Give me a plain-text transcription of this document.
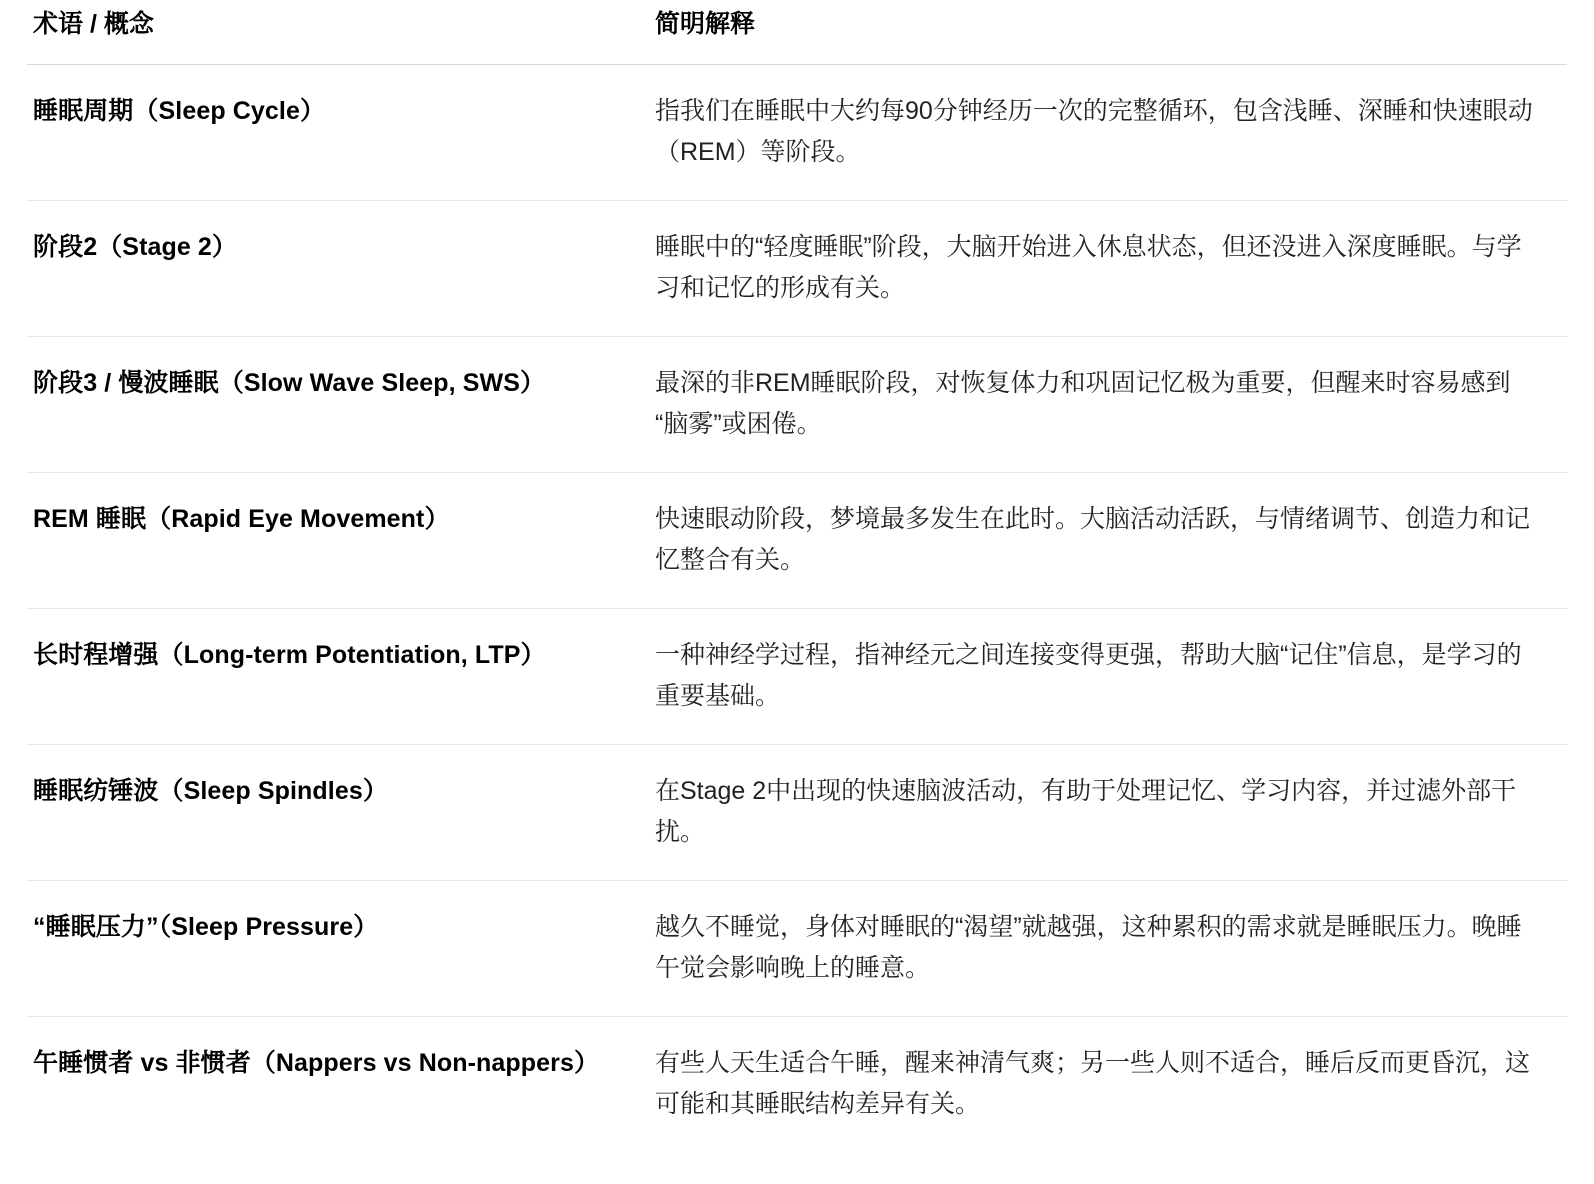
术语 / 概念	简明解释
睡眠周期（Sleep Cycle）	指我们在睡眠中大约每90分钟经历一次的完整循环，包含浅睡、深睡和快速眼动（REM）等阶段。
阶段2（Stage 2）	睡眠中的“轻度睡眠”阶段，大脑开始进入休息状态，但还没进入深度睡眠。与学习和记忆的形成有关。
阶段3 / 慢波睡眠（Slow Wave Sleep, SWS）	最深的非REM睡眠阶段，对恢复体力和巩固记忆极为重要，但醒来时容易感到“脑雾”或困倦。
REM 睡眠（Rapid Eye Movement）	快速眼动阶段，梦境最多发生在此时。大脑活动活跃，与情绪调节、创造力和记忆整合有关。
长时程增强（Long-term Potentiation, LTP）	一种神经学过程，指神经元之间连接变得更强，帮助大脑“记住”信息，是学习的重要基础。
睡眠纺锤波（Sleep Spindles）	在Stage 2中出现的快速脑波活动，有助于处理记忆、学习内容，并过滤外部干扰。
“睡眠压力”（Sleep Pressure）	越久不睡觉，身体对睡眠的“渴望”就越强，这种累积的需求就是睡眠压力。晚睡午觉会影响晚上的睡意。
午睡惯者 vs 非惯者（Nappers vs Non-nappers）	有些人天生适合午睡，醒来神清气爽；另一些人则不适合，睡后反而更昏沉，这可能和其睡眠结构差异有关。
